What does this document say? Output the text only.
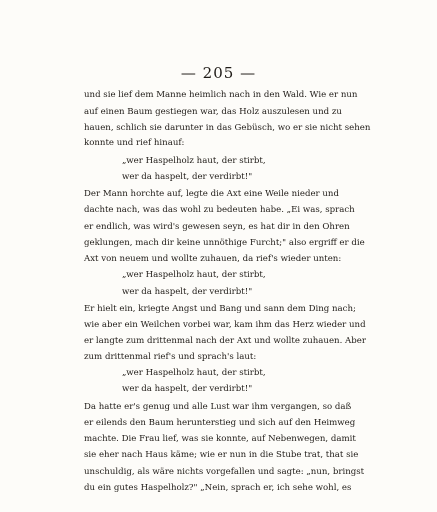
— 205 —
und sie lief dem Manne heimlich nach in den Wald. Wie er nun
auf einen Baum gestiegen war, das Holz auszulesen und zu
hauen, schlich sie darunter in das Gebüsch, wo er sie nicht sehen
konnte und rief hinauf:
„wer Haspelholz haut, der stirbt,
wer da haspelt, der verdirbt!"
Der Mann horchte auf, legte die Axt eine Weile nieder und
dachte nach, was das wohl zu bedeuten habe. „Ei was, sprach
er endlich, was wird's gewesen seyn, es hat dir in den Ohren
geklungen, mach dir keine unnöthige Furcht;" also ergriff er die
Axt von neuem und wollte zuhauen, da rief's wieder unten:
„wer Haspelholz haut, der stirbt,
wer da haspelt, der verdirbt!"
Er hielt ein, kriegte Angst und Bang und sann dem Ding nach;
wie aber ein Weilchen vorbei war, kam ihm das Herz wieder und
er langte zum drittenmal nach der Axt und wollte zuhauen. Aber
zum drittenmal rief's und sprach's laut:
„wer Haspelholz haut, der stirbt,
wer da haspelt, der verdirbt!"
Da hatte er's genug und alle Lust war ihm vergangen, so daß
er eilends den Baum herunterstieg und sich auf den Heimweg
machte. Die Frau lief, was sie konnte, auf Nebenwegen, damit
sie eher nach Haus käme; wie er nun in die Stube trat, that sie
unschuldig, als wäre nichts vorgefallen und sagte: „nun, bringst
du ein gutes Haspelholz?" „Nein, sprach er, ich sehe wohl, es
